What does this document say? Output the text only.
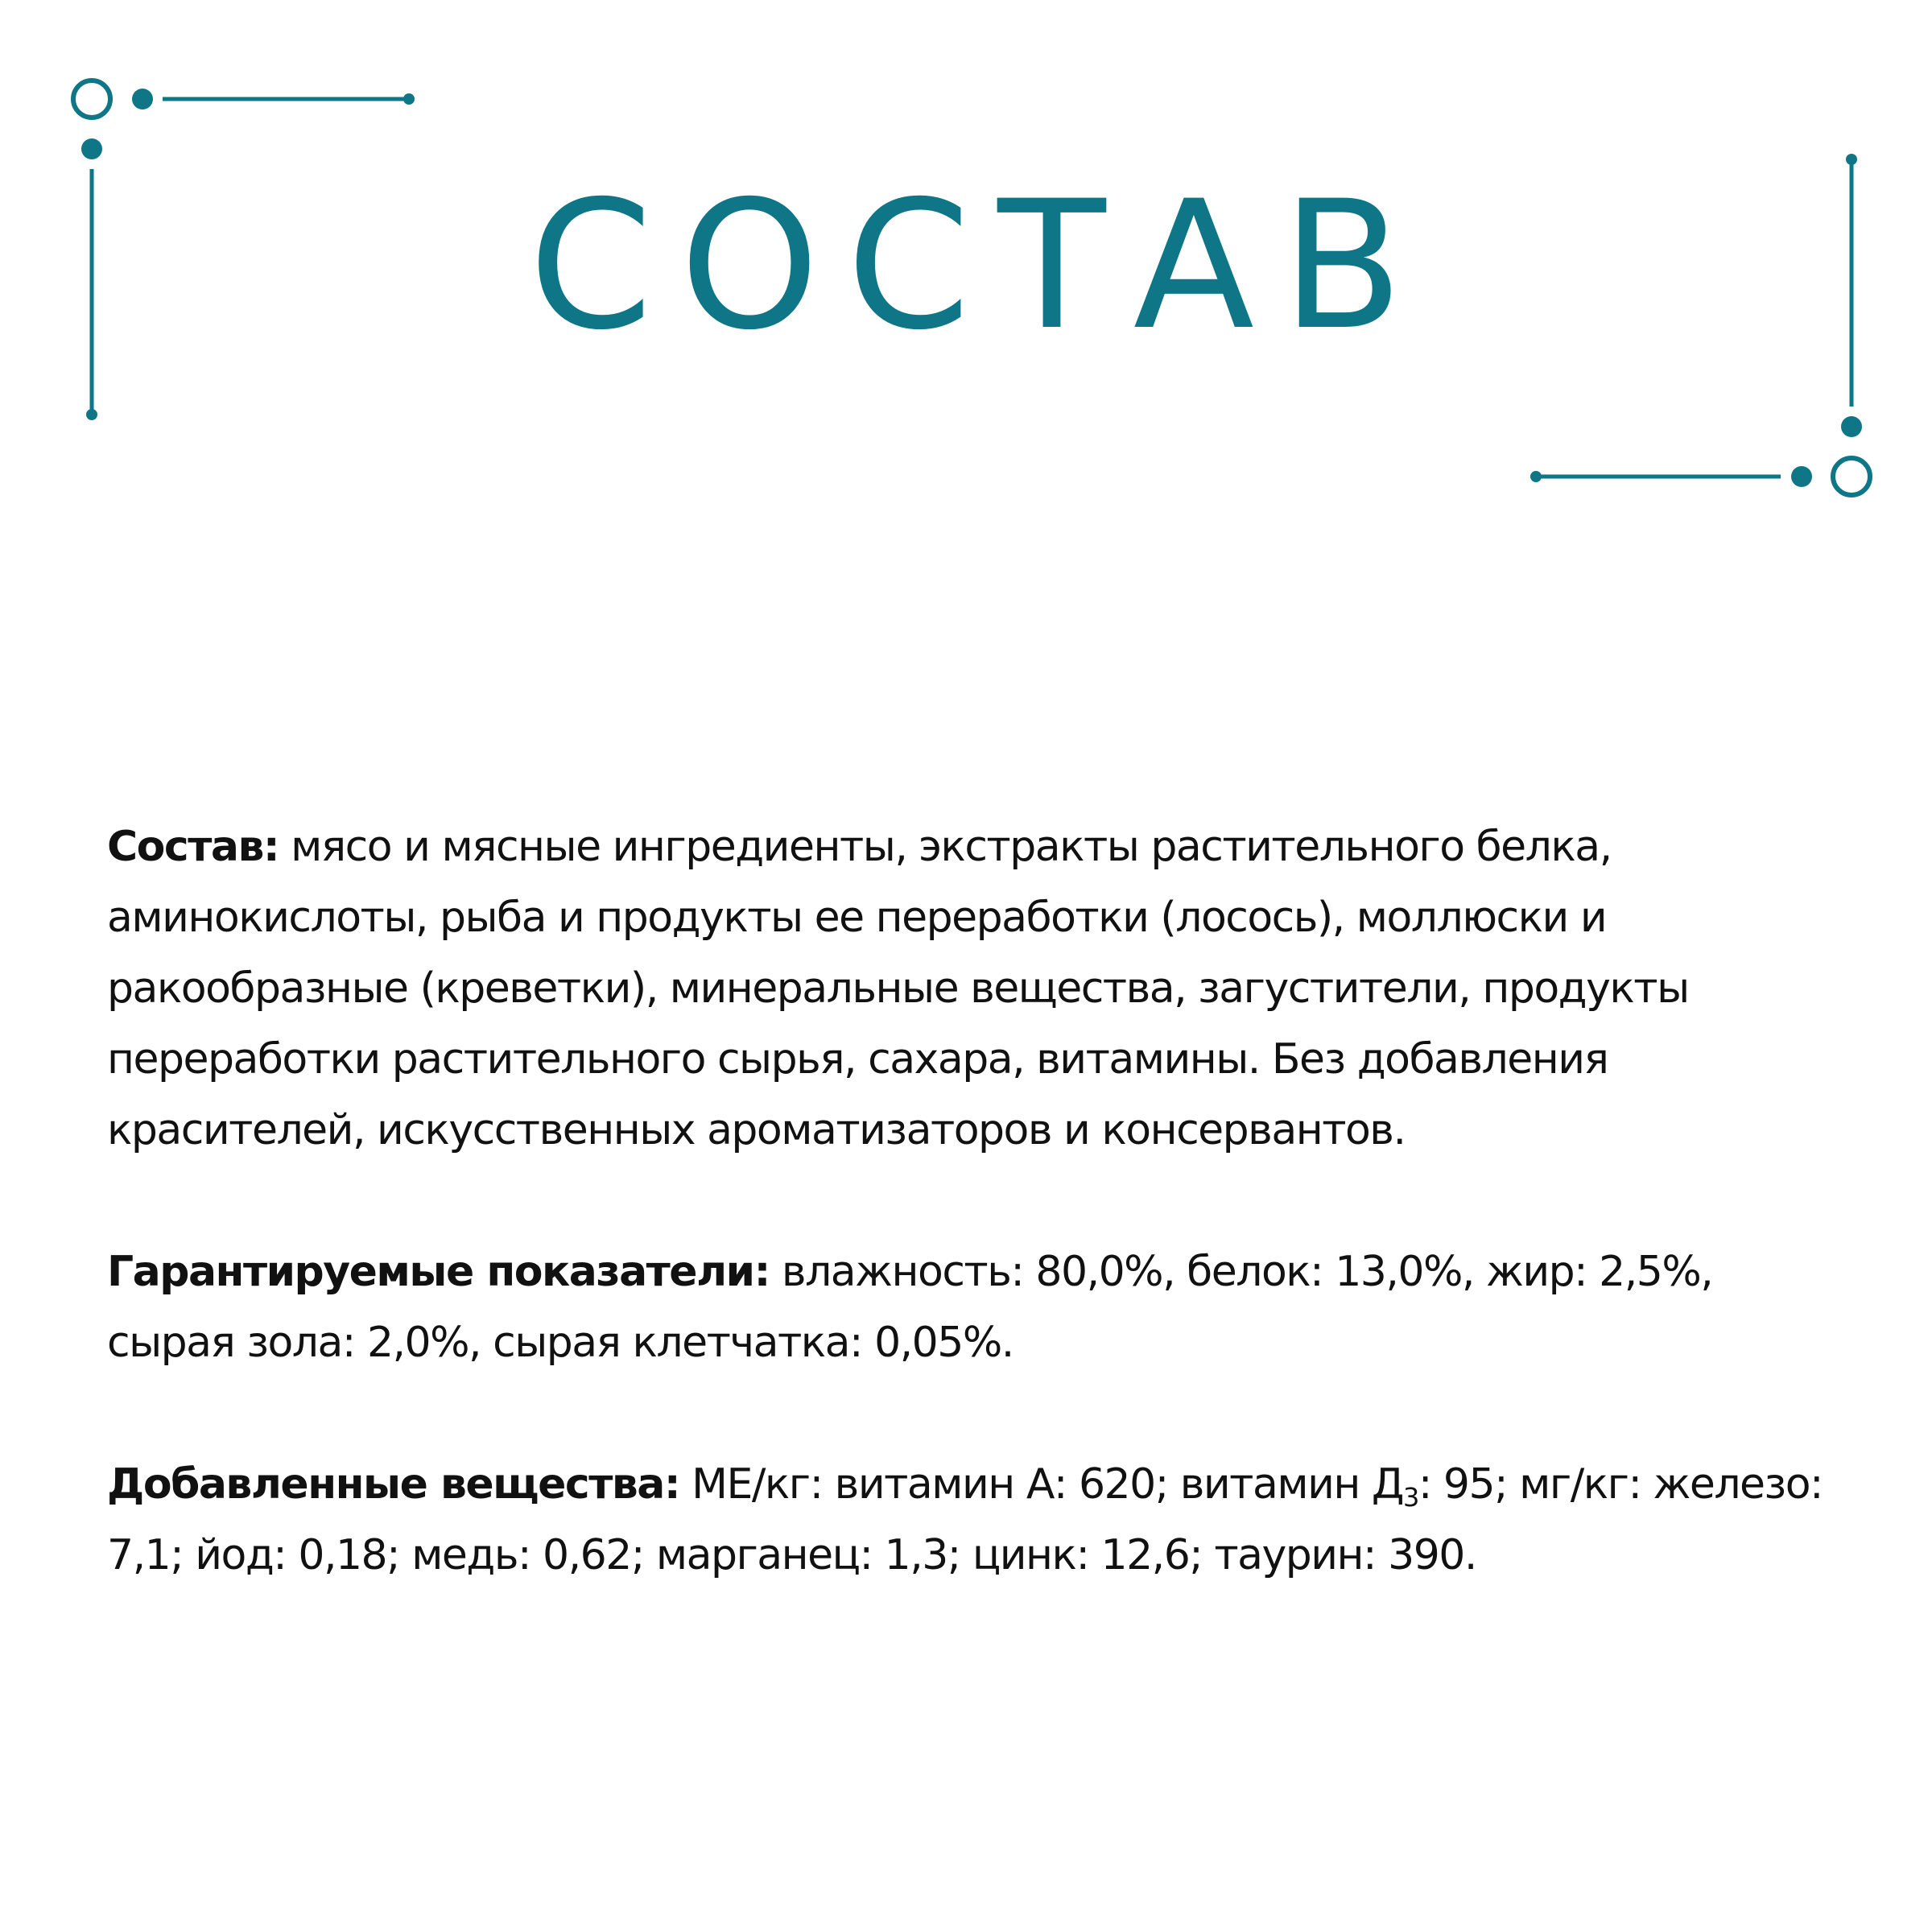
СОСТАВ

Состав: мясо и мясные ингредиенты, экстракты растительного белка, аминокислоты, рыба и продукты ее переработки (лосось), моллюски и ракообразные (креветки), минеральные вещества, загустители, продукты переработки растительного сырья, сахара, витамины. Без добавления красителей, искусственных ароматизаторов и консервантов.

Гарантируемые показатели: влажность: 80,0%, белок: 13,0%, жир: 2,5%, сырая зола: 2,0%, сырая клетчатка: 0,05%.

Добавленные вещества: МЕ/кг: витамин А: 620; витамин $Д_3$: 95; мг/кг: железо: 7,1; йод: 0,18; медь: 0,62; марганец: 1,3; цинк: 12,6; таурин: 390.
